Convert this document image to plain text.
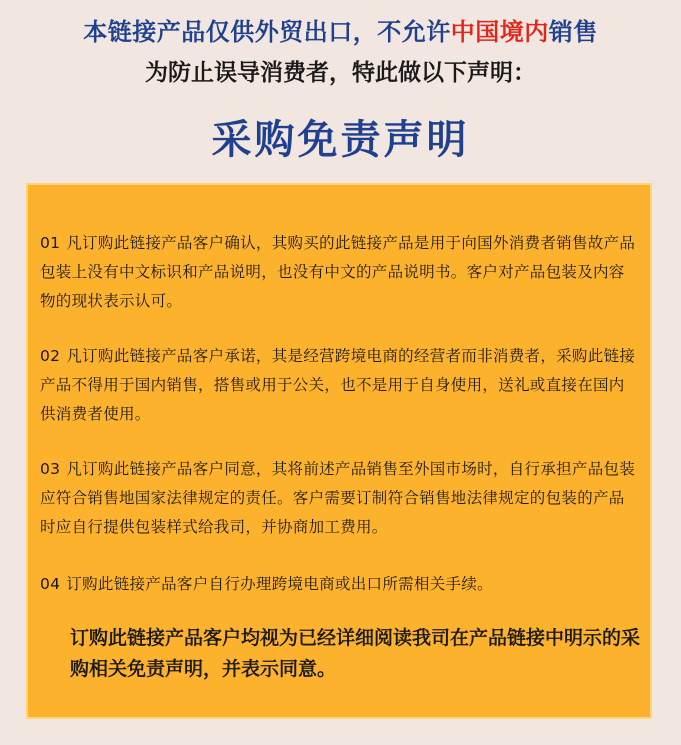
本链接产品仅供外贸出口，不允许中国境内销售
为防止误导消费者，特此做以下声明：
采购免责声明
01 凡订购此链接产品客户确认，其购买的此链接产品是用于向国外消费者销售故产品包装上没有中文标识和产品说明，也没有中文的产品说明书。客户对产品包装及内容物的现状表示认可。
02 凡订购此链接产品客户承诺，其是经营跨境电商的经营者而非消费者，采购此链接产品不得用于国内销售，搭售或用于公关，也不是用于自身使用，送礼或直接在国内供消费者使用。
03 凡订购此链接产品客户同意，其将前述产品销售至外国市场时，自行承担产品包装应符合销售地国家法律规定的责任。客户需要订制符合销售地法律规定的包装的产品时应自行提供包装样式给我司，并协商加工费用。
04 订购此链接产品客户自行办理跨境电商或出口所需相关手续。
订购此链接产品客户均视为已经详细阅读我司在产品链接中明示的采购相关免责声明，并表示同意。
